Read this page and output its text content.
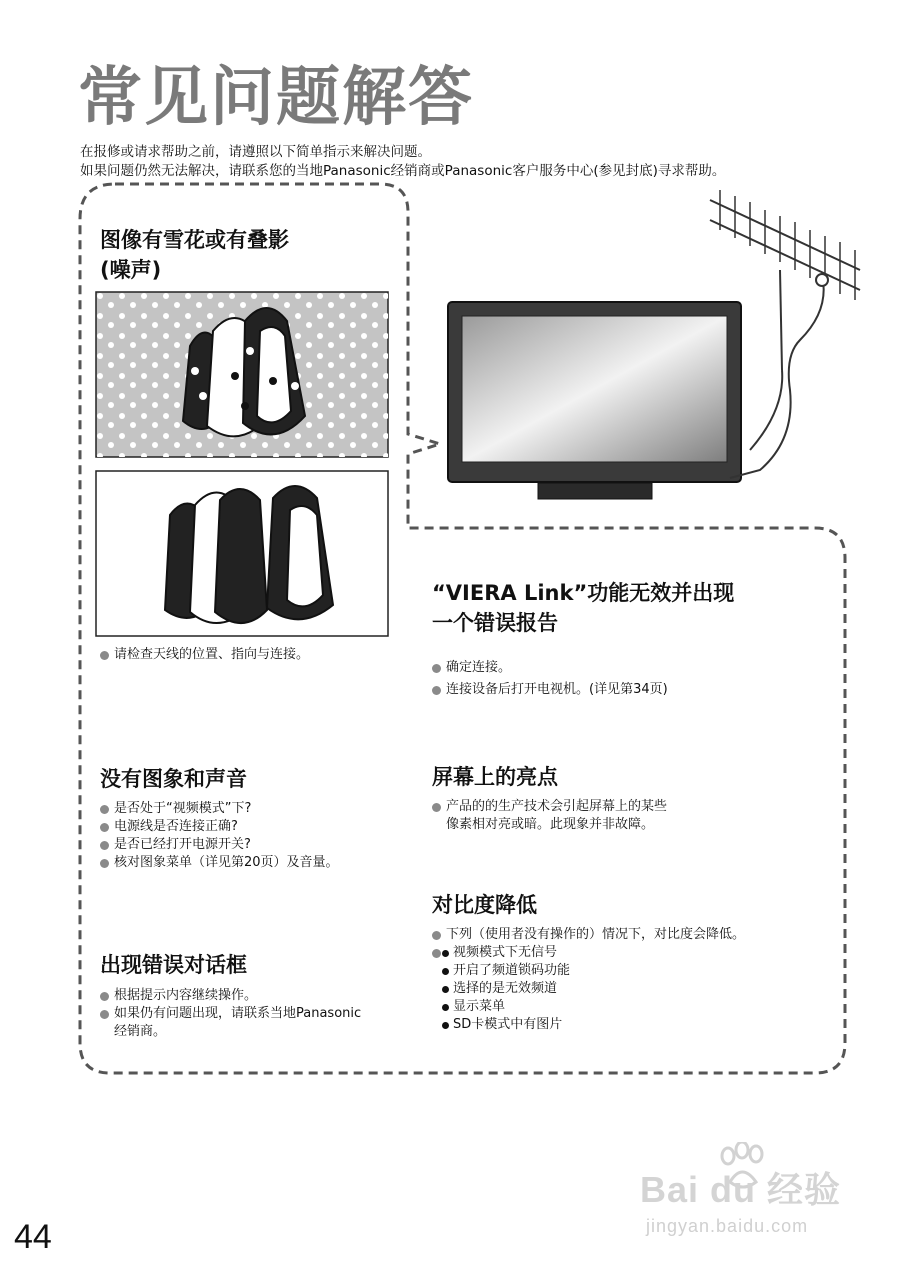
常见问题解答
在报修或请求帮助之前，请遵照以下简单指示来解决问题。
如果问题仍然无法解决，请联系您的当地Panasonic经销商或Panasonic客户服务中心(参见封底)寻求帮助。
图像有雪花或有叠影
(噪声)
请检查天线的位置、指向与连接。
“VIERA Link”功能无效并出现
一个错误报告
确定连接。
连接设备后打开电视机。(详见第34页)
没有图象和声音
是否处于“视频模式”下?
电源线是否连接正确?
是否已经打开电源开关?
核对图象菜单（详见第20页）及音量。
屏幕上的亮点
产品的的生产技术会引起屏幕上的某些
像素相对亮或暗。此现象并非故障。
对比度降低
下列（使用者没有操作的）情况下，对比度会降低。
视频模式下无信号
开启了频道锁码功能
选择的是无效频道
显示菜单
SD卡模式中有图片
出现错误对话框
根据提示内容继续操作。
如果仍有问题出现，请联系当地Panasonic
经销商。
44
Bai du 经验
jingyan.baidu.com
